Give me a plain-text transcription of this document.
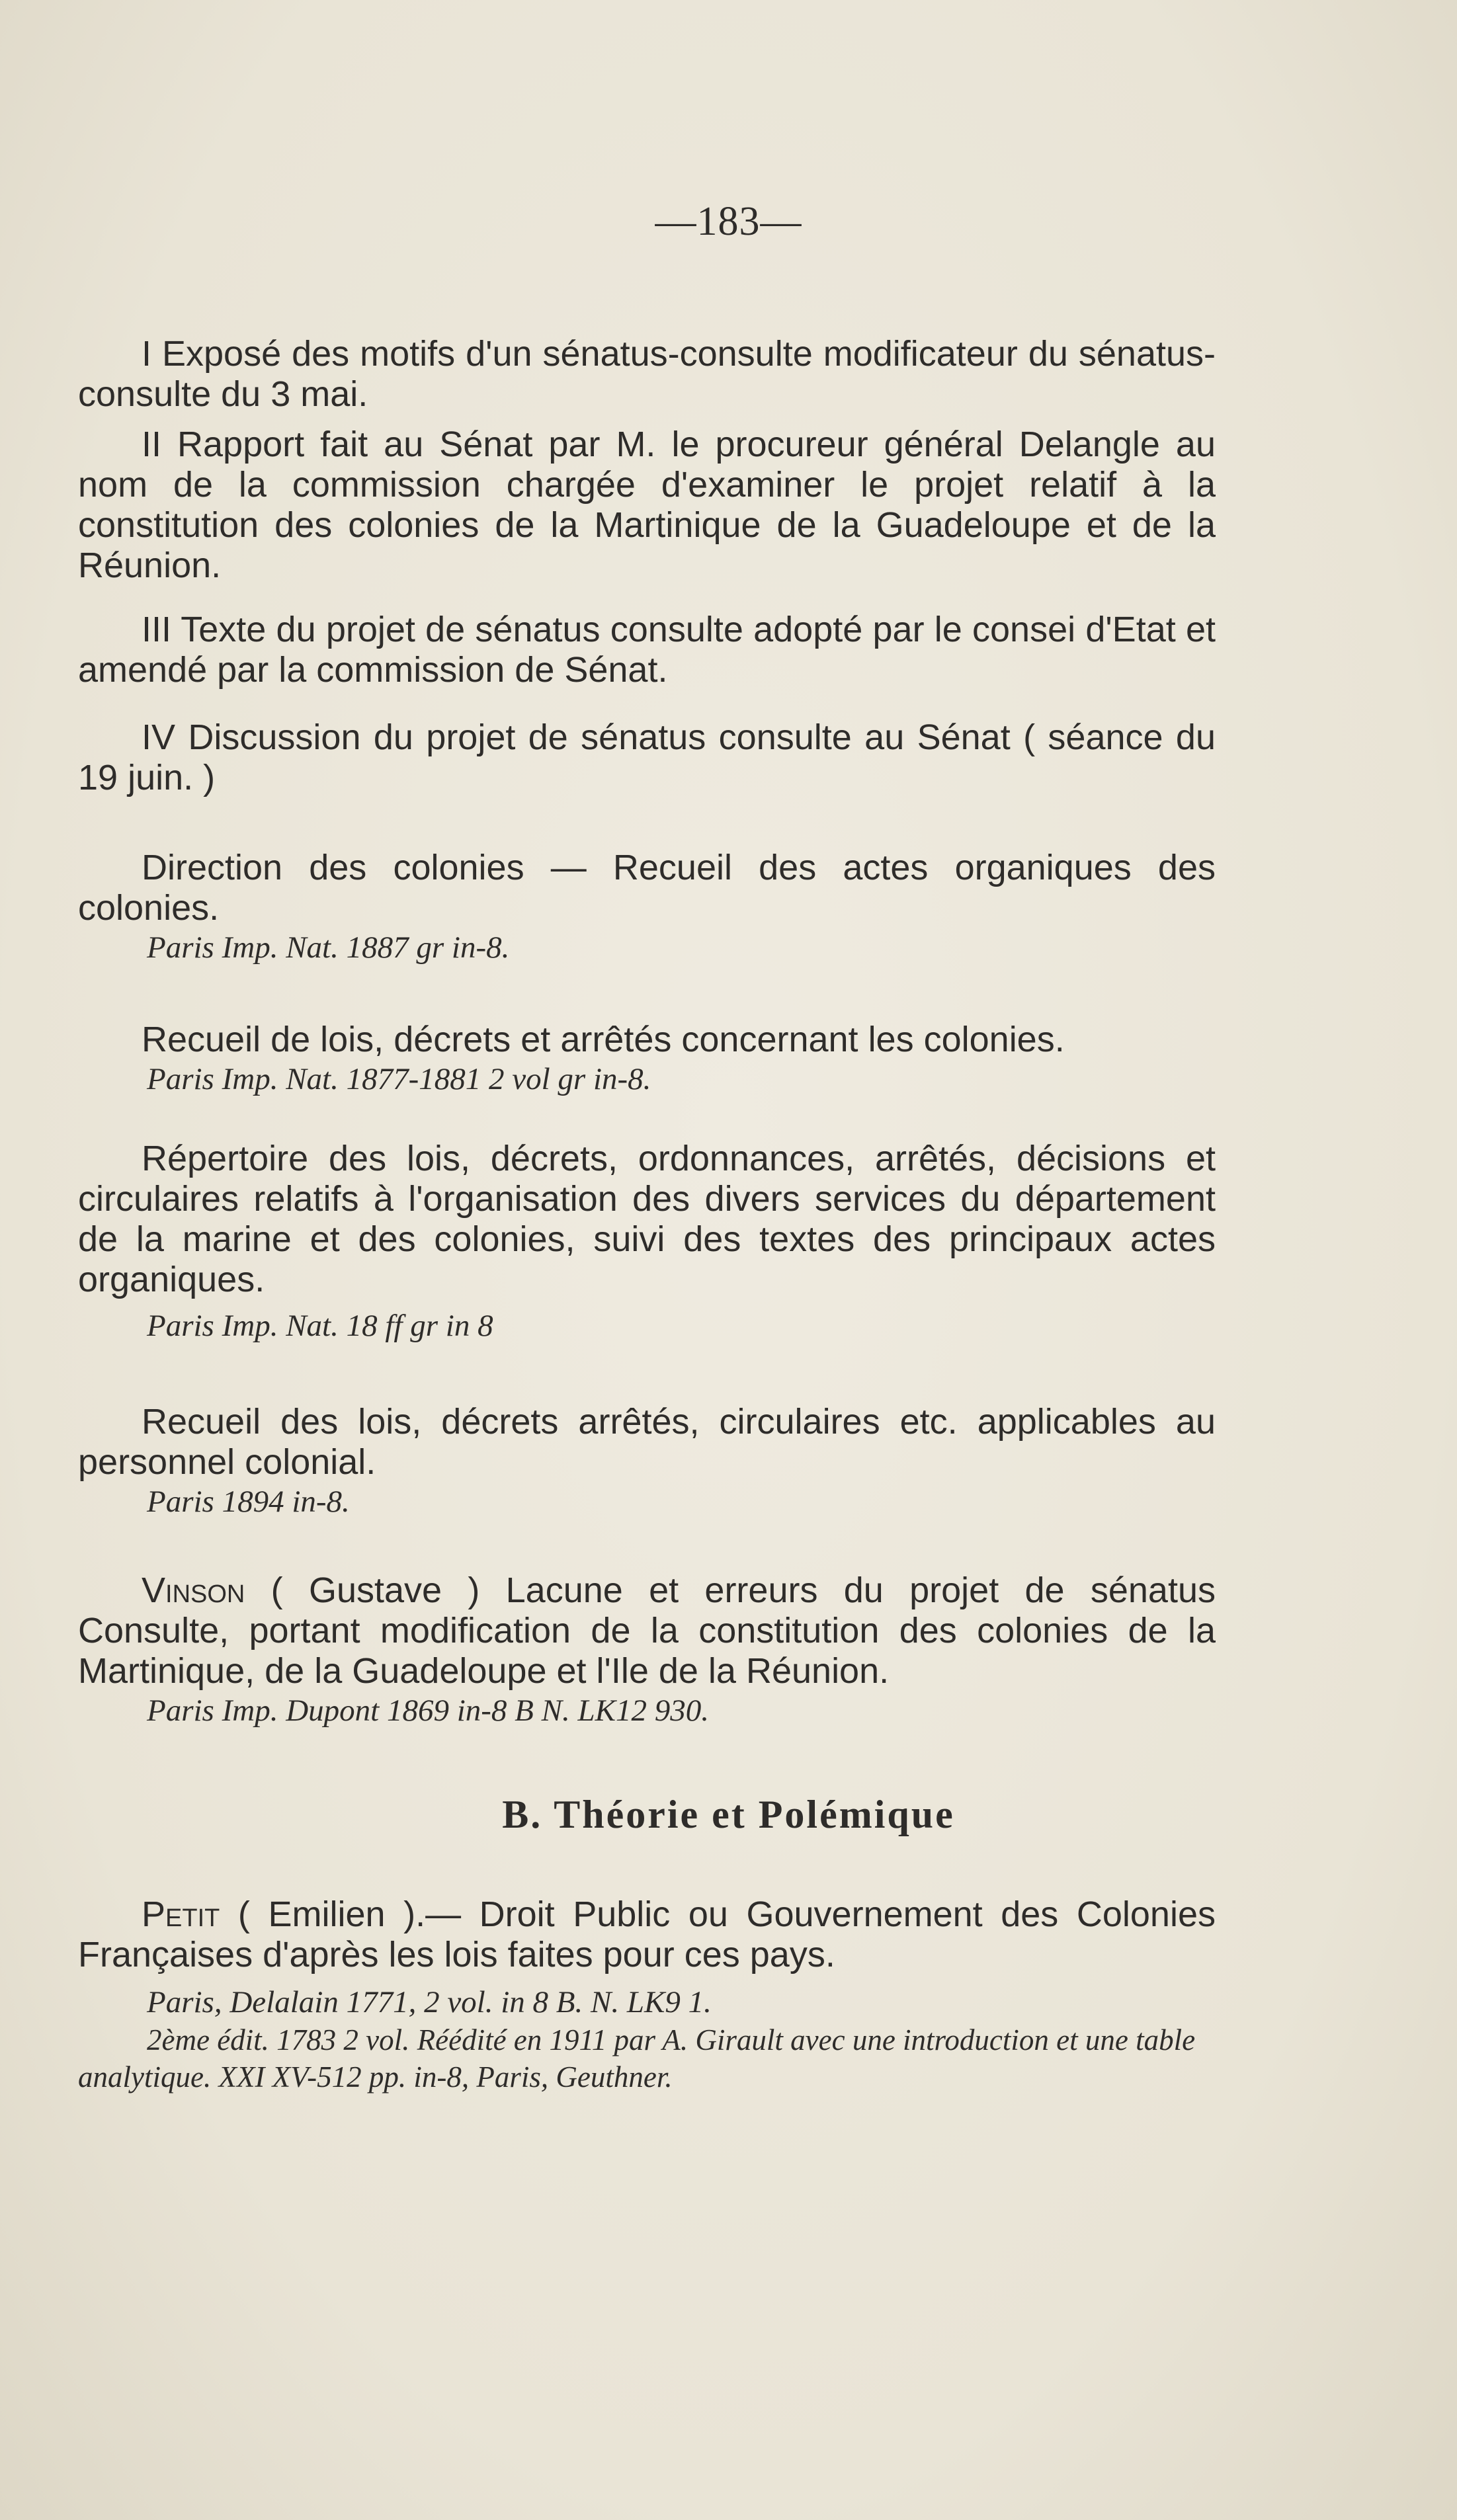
—183—

I Exposé des motifs d'un sénatus-consulte modificateur du sénatus-consulte du 3 mai.

II Rapport fait au Sénat par M. le procureur général Delangle au nom de la commission chargée d'examiner le projet relatif à la constitution des colonies de la Martinique de la Guadeloupe et de la Réunion.

III Texte du projet de sénatus consulte adopté par le consei d'Etat et amendé par la commission de Sénat.

IV Discussion du projet de sénatus consulte au Sénat ( séance du 19 juin. )

Direction des colonies — Recueil des actes organiques des colonies.

Paris Imp. Nat. 1887 gr in-8.

Recueil de lois, décrets et arrêtés concernant les colonies.

Paris Imp. Nat. 1877-1881 2 vol gr in-8.

Répertoire des lois, décrets, ordonnances, arrêtés, décisions et circulaires relatifs à l'organisation des divers services du département de la marine et des colonies, suivi des textes des principaux actes organiques.

Paris Imp. Nat. 18 ff gr in 8

Recueil des lois, décrets arrêtés, circulaires etc. applicables au personnel colonial.

Paris 1894 in-8.

Vinson ( Gustave ) Lacune et erreurs du projet de sénatus Consulte, portant modification de la constitution des colonies de la Martinique, de la Guadeloupe et l'Ile de la Réunion.

Paris Imp. Dupont 1869 in-8 B N. LK12 930.

B. Théorie et Polémique

Petit ( Emilien ).— Droit Public ou Gouvernement des Colonies Françaises d'après les lois faites pour ces pays.

Paris, Delalain 1771, 2 vol. in 8 B. N. LK9 1.

2ème édit. 1783 2 vol. Réédité en 1911 par A. Girault avec une introduction et une table analytique. XXI XV-512 pp. in-8, Paris, Geuthner.
